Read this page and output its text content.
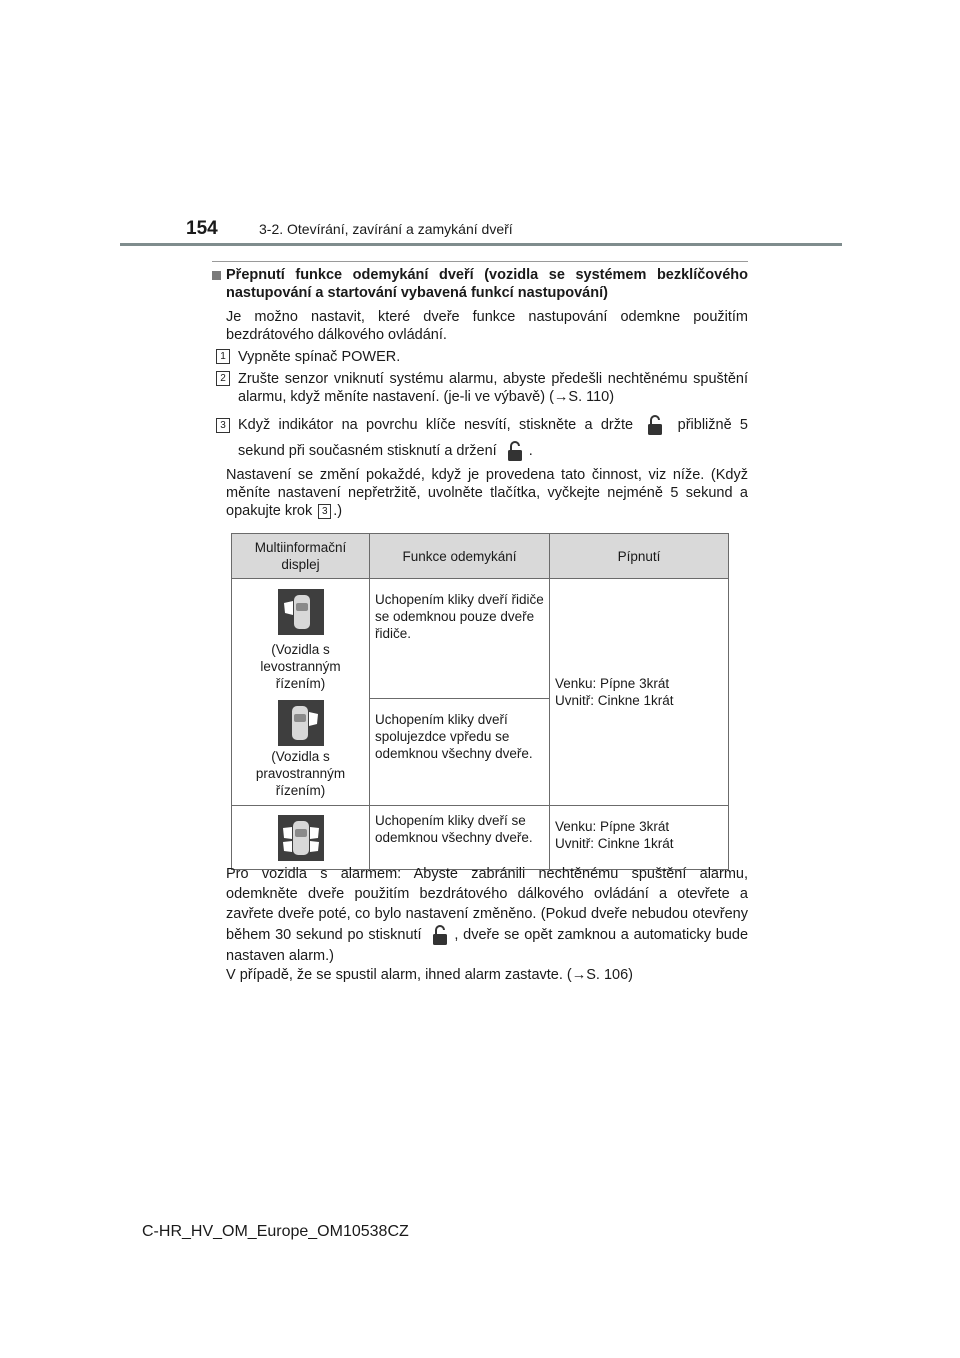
154	3-2. Otevírání, zavírání a zamykání dveří
Přepnutí funkce odemykání dveří (vozidla se systémem bezklíčového nastupování a startování vybavená funkcí nastupování)
Je možno nastavit, které dveře funkce nastupování odemkne použitím bezdrátového dálkového ovládání.
1 Vypněte spínač POWER.
2 Zrušte senzor vniknutí systému alarmu, abyste předešli nechtěnému spuštění alarmu, když měníte nastavení. (je-li ve výbavě) (→S. 110)
3 Když indikátor na povrchu klíče nesvítí, stiskněte a držte	přibližně 5 sekund při současném stisknutí a držení .
Nastavení se změní pokaždé, když je provedena tato činnost, viz níže. (Když měníte nastavení nepřetržitě, uvolněte tlačítka, vyčkejte nejméně 5 sekund a opakujte krok 3 .)
Multiinformační displej	Funkce odemykání	Pípnutí

(Vozidla s levostranným řízením)	Uchopením kliky dveří řidiče se odemknou pouze dveře řidiče.	Venku: Pípne 3krát
Uvnitř: Cinkne 1krát

(Vozidla s pravostranným řízením)	Uchopením kliky dveří spolujezdce vpředu se odemknou všechny dveře.	

	Uchopením kliky dveří se odemknou všechny dveře.	Venku: Pípne 3krát
Uvnitř: Cinkne 1krát
Pro vozidla s alarmem: Abyste zabránili nechtěnému spuštění alarmu, odemkněte dveře použitím bezdrátového dálkového ovládání a otevřete a zavřete dveře poté, co bylo nastavení změněno. (Pokud dveře nebudou otevřeny během 30 sekund po stisknutí , dveře se opět zamknou a automaticky bude nastaven alarm.)
V případě, že se spustil alarm, ihned alarm zastavte. (→S. 106)
C-HR_HV_OM_Europe_OM10538CZ
